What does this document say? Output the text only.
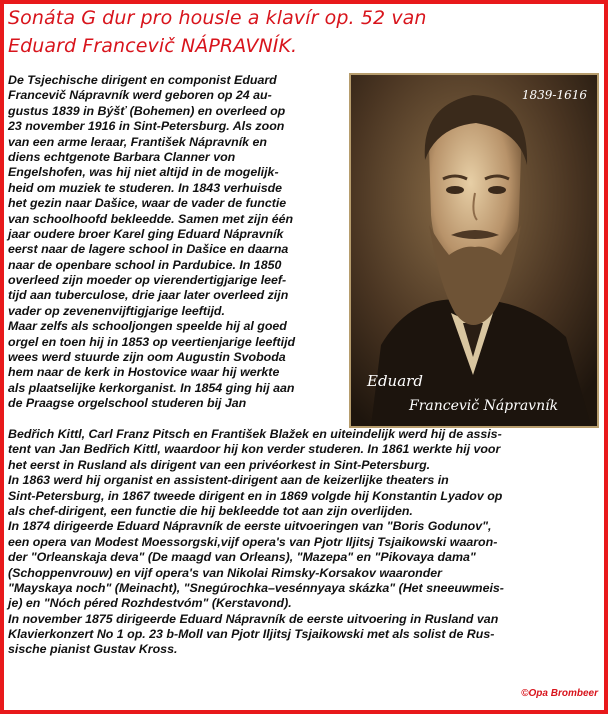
Sonáta G dur pro housle a klavír op. 52 van
Eduard Francevič NÁPRAVNÍK.
De Tsjechische dirigent en componist Eduard
Francevič Nápravník werd geboren op 24 au-
gustus 1839 in Býšť (Bohemen) en overleed op
23 november 1916 in Sint-Petersburg. Als zoon
van een arme leraar, František Nápravník en
diens echtgenote Barbara Clanner von
Engelshofen, was hij niet altijd in de mogelijk-
heid om muziek te studeren. In 1843 verhuisde
het gezin naar Dašice, waar de vader de functie
van schoolhoofd bekleedde. Samen met zijn één
jaar oudere broer Karel ging Eduard Nápravník
eerst naar de lagere school in Dašice en daarna
naar de openbare school in Pardubice. In 1850
overleed zijn moeder op vierendertigjarige leef-
tijd aan tuberculose, drie jaar later overleed zijn
vader op zevenenvijftigjarige leeftijd.
Maar zelfs als schooljongen speelde hij al goed
orgel en toen hij in 1853 op veertienjarige leeftijd
wees werd stuurde zijn oom Augustin Svoboda
hem naar de kerk in Hostovice waar hij werkte
als plaatselijke kerkorganist. In 1854 ging hij aan
de Praagse orgelschool studeren bij Jan
1839-1616
Eduard
Francevič Nápravník
Bedřich Kittl, Carl Franz Pitsch en František Blažek en uiteindelijk werd hij de assis-
tent van Jan Bedřich Kittl, waardoor hij kon verder studeren. In 1861 werkte hij voor
het eerst in Rusland als dirigent van een privéorkest in Sint-Petersburg.
In 1863 werd hij organist en assistent-dirigent aan de keizerlijke theaters in
Sint-Petersburg, in 1867 tweede dirigent en in 1869 volgde hij Konstantin Lyadov op
als chef-dirigent, een functie die hij bekleedde tot aan zijn overlijden.
In 1874 dirigeerde Eduard Nápravník de eerste uitvoeringen van "Boris Godunov",
een opera van Modest Moessorgski,vijf opera's van Pjotr Iljitsj Tsjaikowski waaron-
der "Orleanskaja deva" (De maagd van Orleans), "Mazepa" en "Pikovaya dama"
(Schoppenvrouw) en vijf opera's van Nikolai Rimsky-Korsakov waaronder
"Mayskaya noch" (Meinacht), "Snegúrochka–vesénnyaya skázka" (Het sneeuwmeis-
je) en "Nóch péred Rozhdestvóm" (Kerstavond).
In november 1875 dirigeerde Eduard Nápravník de eerste uitvoering in Rusland van
Klavierkonzert No 1 op. 23 b-Moll van Pjotr Iljitsj Tsjaikowski met als solist de Rus-
sische pianist Gustav Kross.
©Opa Brombeer
